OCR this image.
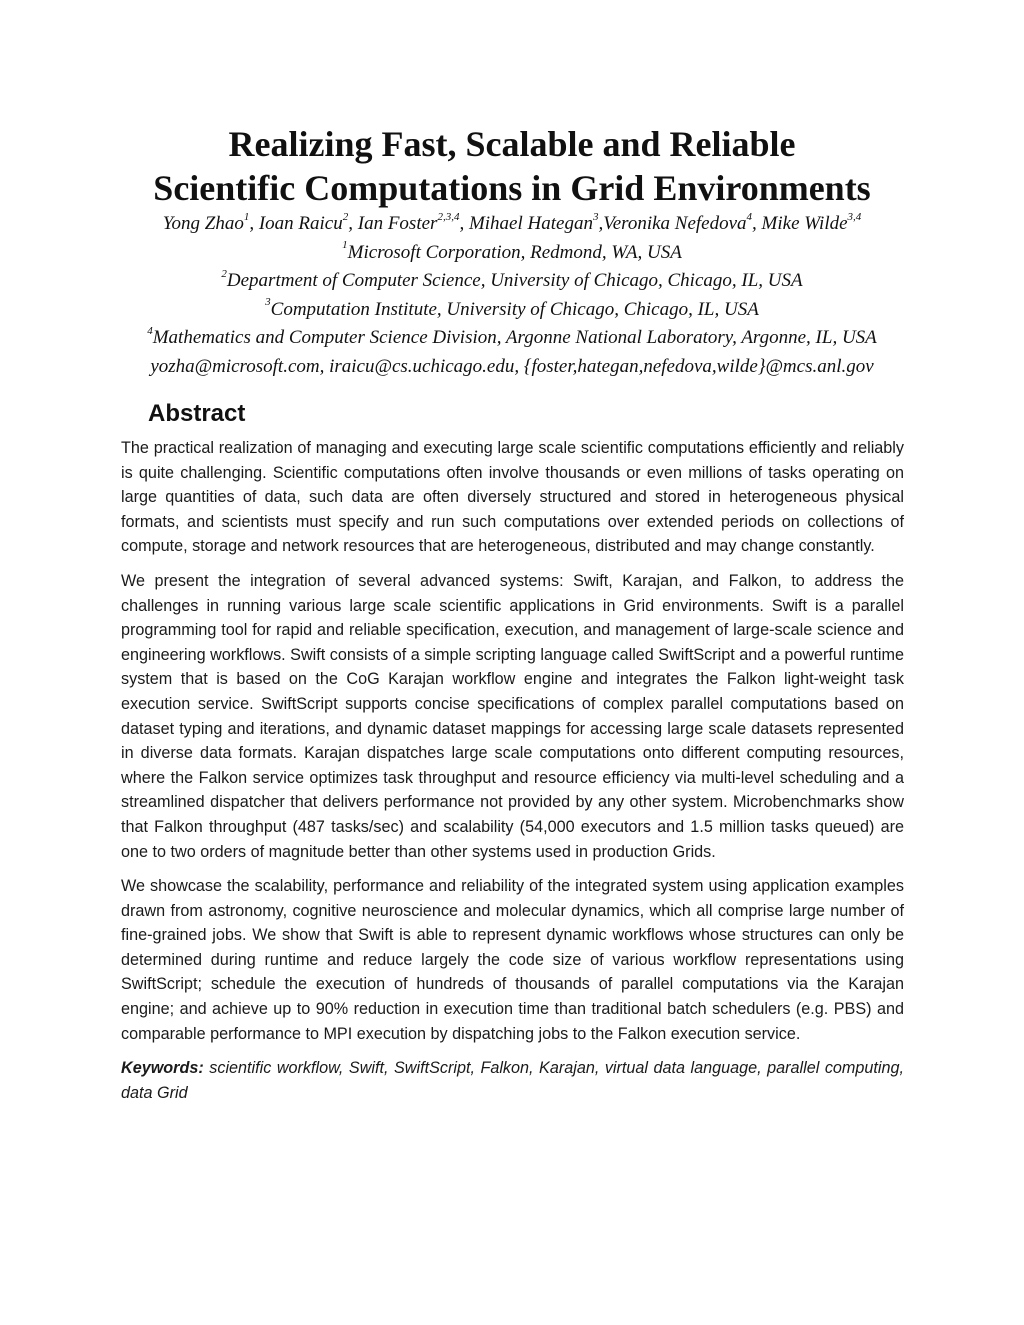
Realizing Fast, Scalable and Reliable
Scientific Computations in Grid Environments
Yong Zhao$^1$, Ioan Raicu$^2$, Ian Foster$^{2,3,4}$, Mihael Hategan$^3$,Veronika Nefedova$^4$, Mike Wilde$^{3,4}$
$^1$Microsoft Corporation, Redmond, WA, USA
$^2$Department of Computer Science, University of Chicago, Chicago, IL, USA
$^3$Computation Institute, University of Chicago, Chicago, IL, USA
$^4$Mathematics and Computer Science Division, Argonne National Laboratory, Argonne, IL, USA
yozha@microsoft.com, iraicu@cs.uchicago.edu, {foster,hategan,nefedova,wilde}@mcs.anl.gov
Abstract

The practical realization of managing and executing large scale scientific computations efficiently and reliably is quite challenging. Scientific computations often involve thousands or even millions of tasks operating on large quantities of data, such data are often diversely structured and stored in heterogeneous physical formats, and scientists must specify and run such computations over extended periods on collections of compute, storage and network resources that are heterogeneous, distributed and may change constantly.

We present the integration of several advanced systems: Swift, Karajan, and Falkon, to address the challenges in running various large scale scientific applications in Grid environments. Swift is a parallel programming tool for rapid and reliable specification, execution, and management of large-scale science and engineering workflows. Swift consists of a simple scripting language called SwiftScript and a powerful runtime system that is based on the CoG Karajan workflow engine and integrates the Falkon light-weight task execution service. SwiftScript supports concise specifications of complex parallel computations based on dataset typing and iterations, and dynamic dataset mappings for accessing large scale datasets represented in diverse data formats. Karajan dispatches large scale computations onto different computing resources, where the Falkon service optimizes task throughput and resource efficiency via multi-level scheduling and a streamlined dispatcher that delivers performance not provided by any other system. Microbenchmarks show that Falkon throughput (487 tasks/sec) and scalability (54,000 executors and 1.5 million tasks queued) are one to two orders of magnitude better than other systems used in production Grids.

We showcase the scalability, performance and reliability of the integrated system using application examples drawn from astronomy, cognitive neuroscience and molecular dynamics, which all comprise large number of fine-grained jobs. We show that Swift is able to represent dynamic workflows whose structures can only be determined during runtime and reduce largely the code size of various workflow representations using SwiftScript; schedule the execution of hundreds of thousands of parallel computations via the Karajan engine; and achieve up to 90% reduction in execution time than traditional batch schedulers (e.g. PBS) and comparable performance to MPI execution by dispatching jobs to the Falkon execution service.

Keywords: scientific workflow, Swift, SwiftScript, Falkon, Karajan, virtual data language, parallel computing, data Grid
